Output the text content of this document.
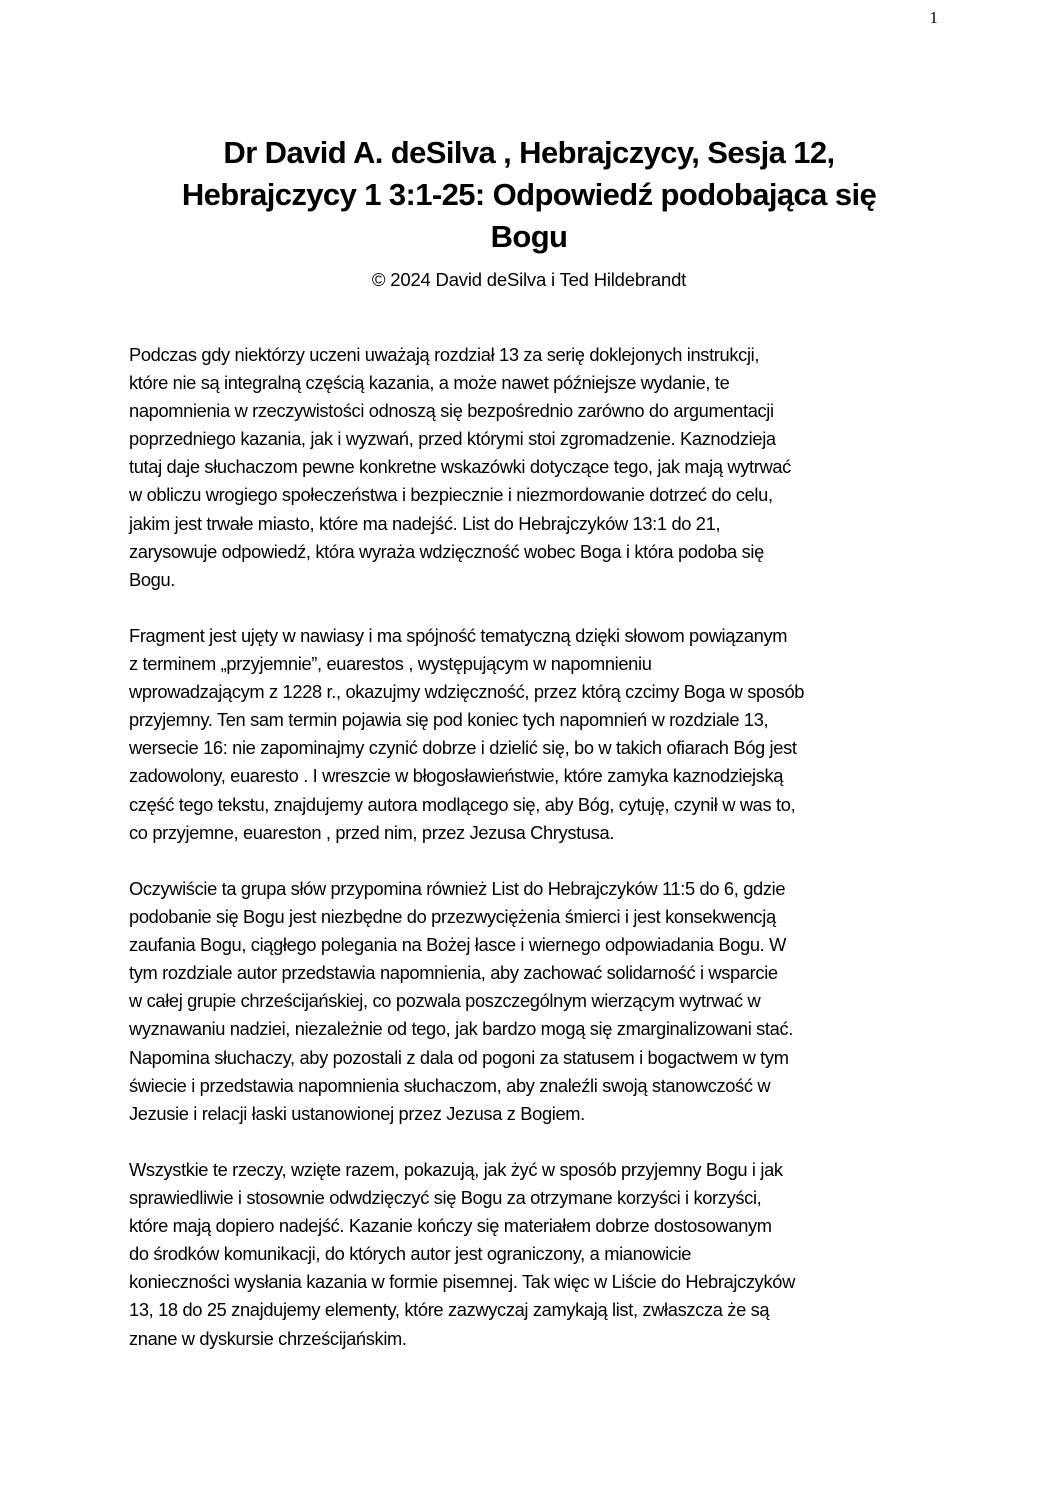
1
Dr David A. deSilva , Hebrajczycy, Sesja 12,
Hebrajczycy 1 3:1-25: Odpowiedź podobająca się
Bogu
© 2024 David deSilva i Ted Hildebrandt
Podczas gdy niektórzy uczeni uważają rozdział 13 za serię doklejonych instrukcji,
które nie są integralną częścią kazania, a może nawet późniejsze wydanie, te
napomnienia w rzeczywistości odnoszą się bezpośrednio zarówno do argumentacji
poprzedniego kazania, jak i wyzwań, przed którymi stoi zgromadzenie. Kaznodzieja
tutaj daje słuchaczom pewne konkretne wskazówki dotyczące tego, jak mają wytrwać
w obliczu wrogiego społeczeństwa i bezpiecznie i niezmordowanie dotrzeć do celu,
jakim jest trwałe miasto, które ma nadejść. List do Hebrajczyków 13:1 do 21,
zarysowuje odpowiedź, która wyraża wdzięczność wobec Boga i która podoba się
Bogu.
Fragment jest ujęty w nawiasy i ma spójność tematyczną dzięki słowom powiązanym
z terminem „przyjemnie”, euarestos , występującym w napomnieniu
wprowadzającym z 1228 r., okazujmy wdzięczność, przez którą czcimy Boga w sposób
przyjemny. Ten sam termin pojawia się pod koniec tych napomnień w rozdziale 13,
wersecie 16: nie zapominajmy czynić dobrze i dzielić się, bo w takich ofiarach Bóg jest
zadowolony, euaresto . I wreszcie w błogosławieństwie, które zamyka kaznodziejską
część tego tekstu, znajdujemy autora modlącego się, aby Bóg, cytuję, czynił w was to,
co przyjemne, euareston , przed nim, przez Jezusa Chrystusa.
Oczywiście ta grupa słów przypomina również List do Hebrajczyków 11:5 do 6, gdzie
podobanie się Bogu jest niezbędne do przezwyciężenia śmierci i jest konsekwencją
zaufania Bogu, ciągłego polegania na Bożej łasce i wiernego odpowiadania Bogu. W
tym rozdziale autor przedstawia napomnienia, aby zachować solidarność i wsparcie
w całej grupie chrześcijańskiej, co pozwala poszczególnym wierzącym wytrwać w
wyznawaniu nadziei, niezależnie od tego, jak bardzo mogą się zmarginalizowani stać.
Napomina słuchaczy, aby pozostali z dala od pogoni za statusem i bogactwem w tym
świecie i przedstawia napomnienia słuchaczom, aby znaleźli swoją stanowczość w
Jezusie i relacji łaski ustanowionej przez Jezusa z Bogiem.
Wszystkie te rzeczy, wzięte razem, pokazują, jak żyć w sposób przyjemny Bogu i jak
sprawiedliwie i stosownie odwdzięczyć się Bogu za otrzymane korzyści i korzyści,
które mają dopiero nadejść. Kazanie kończy się materiałem dobrze dostosowanym
do środków komunikacji, do których autor jest ograniczony, a mianowicie
konieczności wysłania kazania w formie pisemnej. Tak więc w Liście do Hebrajczyków
13, 18 do 25 znajdujemy elementy, które zazwyczaj zamykają list, zwłaszcza że są
znane w dyskursie chrześcijańskim.
